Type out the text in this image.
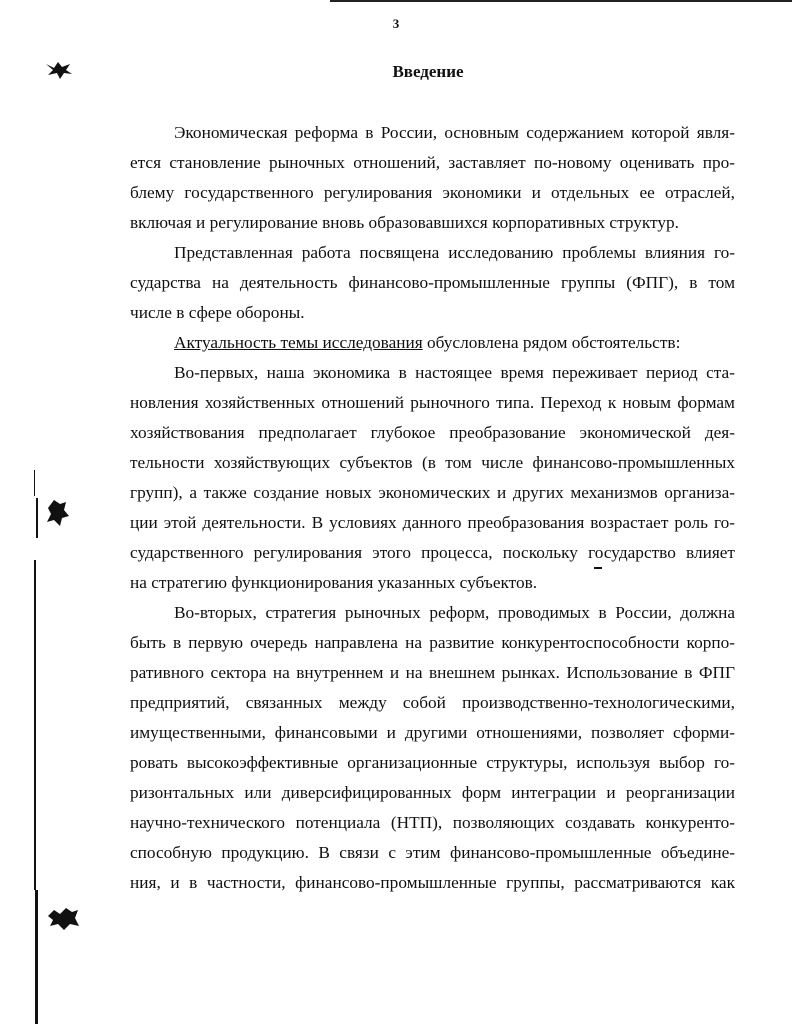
3
Введение
Экономическая реформа в России, основным содержанием которой явля-
ется становление рыночных отношений, заставляет по-новому оценивать про-
блему государственного регулирования экономики и отдельных ее отраслей,
включая и регулирование вновь образовавшихся корпоративных структур.
Представленная работа посвящена исследованию проблемы влияния го-
сударства на деятельность финансово-промышленные группы (ФПГ), в том
числе в сфере обороны.
Актуальность темы исследования обусловлена рядом обстоятельств:
Во-первых, наша экономика в настоящее время переживает период ста-
новления хозяйственных отношений рыночного типа. Переход к новым формам
хозяйствования предполагает глубокое преобразование экономической дея-
тельности хозяйствующих субъектов (в том числе финансово-промышленных
групп), а также создание новых экономических и других механизмов организа-
ции этой деятельности. В условиях данного преобразования возрастает роль го-
сударственного регулирования этого процесса, поскольку государство влияет
на стратегию функционирования указанных субъектов.
Во-вторых, стратегия рыночных реформ, проводимых в России, должна
быть в первую очередь направлена на развитие конкурентоспособности корпо-
ративного сектора на внутреннем и на внешнем рынках. Использование в ФПГ
предприятий, связанных между собой производственно-технологическими,
имущественными, финансовыми и другими отношениями, позволяет сформи-
ровать высокоэффективные организационные структуры, используя выбор го-
ризонтальных или диверсифицированных форм интеграции и реорганизации
научно-технического потенциала (НТП), позволяющих создавать конкуренто-
способную продукцию. В связи с этим финансово-промышленные объедине-
ния, и в частности, финансово-промышленные группы, рассматриваются как
